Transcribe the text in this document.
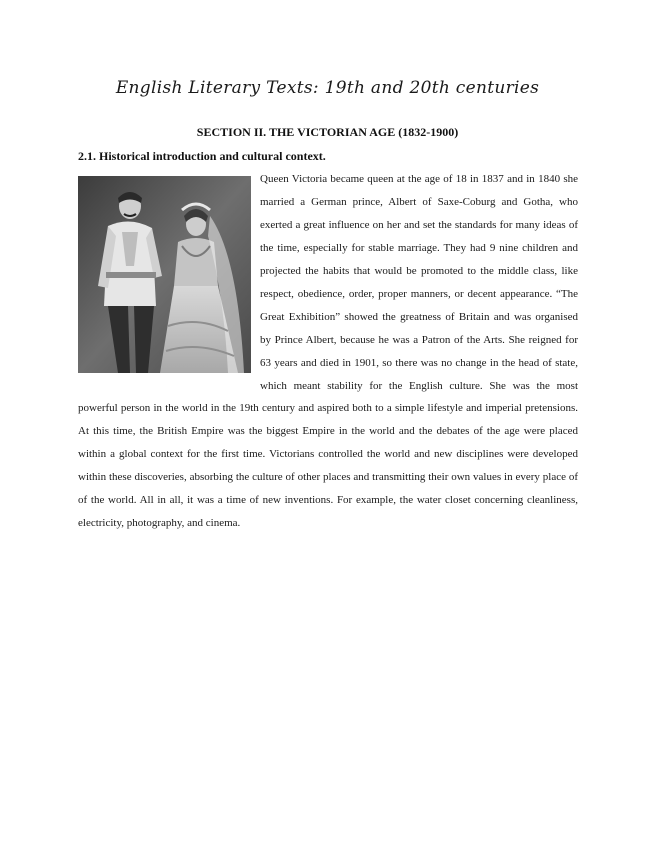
English Literary Texts: 19th and 20th centuries
SECTION II. THE VICTORIAN AGE (1832-1900)
2.1. Historical introduction and cultural context.
Queen Victoria became queen at the age of 18 in 1837 and in 1840 she
married a German prince, Albert of Saxe-Coburg and Gotha, who
exerted a great influence on her and set the standards for many ideas of
the time, especially for stable marriage. They had 9 nine children and
projected the habits that would be promoted to the middle class, like
respect, obedience, order, proper manners, or decent appearance. “The
Great Exhibition” showed the greatness of Britain and was organised
by Prince Albert, because he was a Patron of the Arts. She reigned for
63 years and died in 1901, so there was no change in the head of state,
which meant stability for the English culture. She was the most
powerful person in the world in the 19th century and aspired both to a simple lifestyle and imperial pretensions.
At this time, the British Empire was the biggest Empire in the world and the debates of the age were placed
within a global context for the first time. Victorians controlled the world and new disciplines were developed
within these discoveries, absorbing the culture of other places and transmitting their own values in every place of
of the world. All in all, it was a time of new inventions. For example, the water closet concerning cleanliness,
electricity, photography, and cinema.
